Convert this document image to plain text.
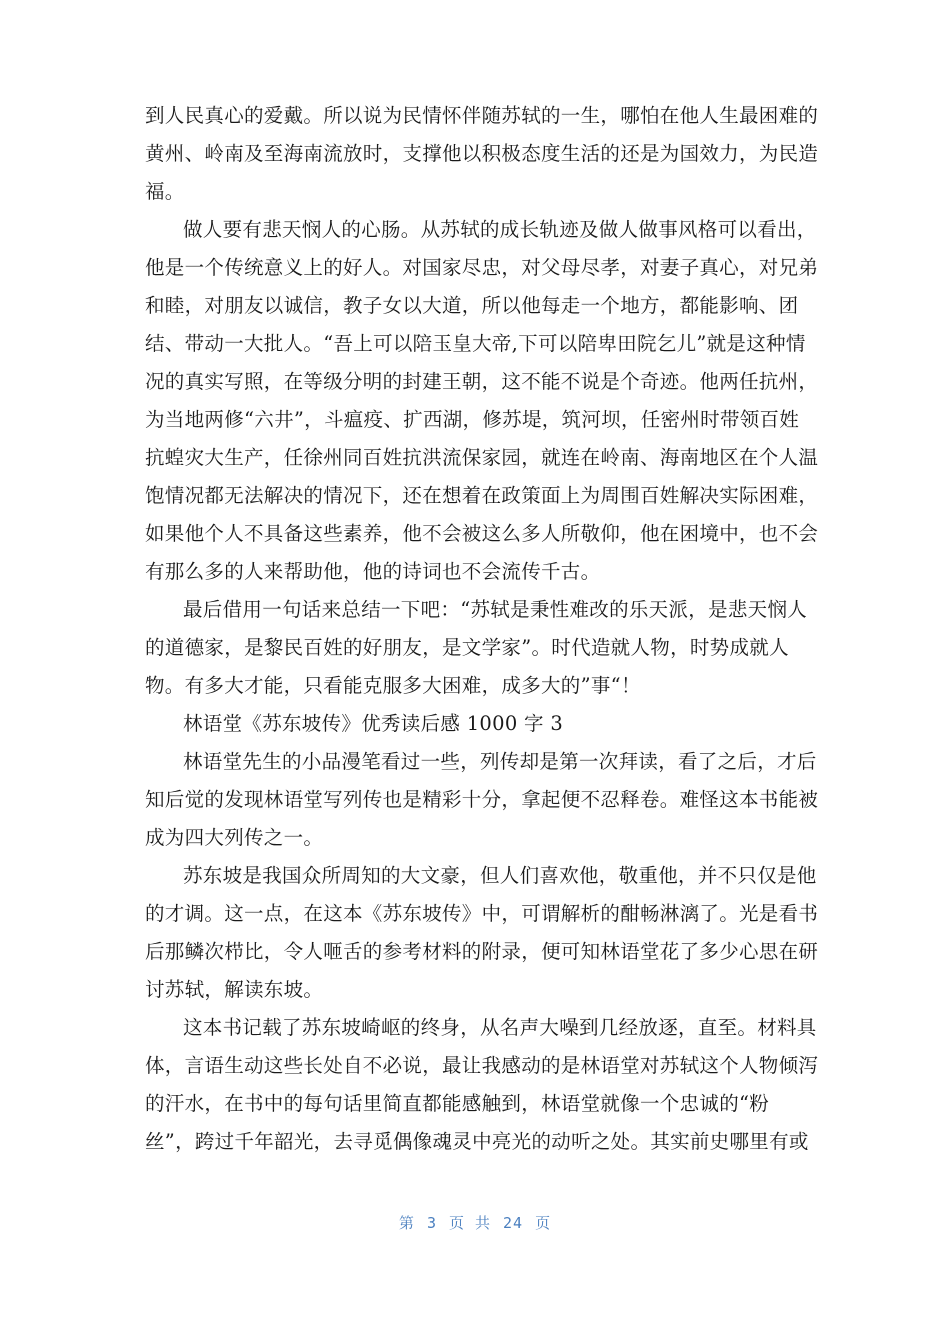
到人民真心的爱戴。所以说为民情怀伴随苏轼的一生，哪怕在他人生最困难的
黄州、岭南及至海南流放时，支撑他以积极态度生活的还是为国效力，为民造
福。
做人要有悲天悯人的心肠。从苏轼的成长轨迹及做人做事风格可以看出，
他是一个传统意义上的好人。对国家尽忠，对父母尽孝，对妻子真心，对兄弟
和睦，对朋友以诚信，教子女以大道，所以他每走一个地方，都能影响、团
结、带动一大批人。“吾上可以陪玉皇大帝,下可以陪卑田院乞儿”就是这种情
况的真实写照，在等级分明的封建王朝，这不能不说是个奇迹。他两任抗州，
为当地两修“六井”，斗瘟疫、扩西湖，修苏堤，筑河坝，任密州时带领百姓
抗蝗灾大生产，任徐州同百姓抗洪流保家园，就连在岭南、海南地区在个人温
饱情况都无法解决的情况下，还在想着在政策面上为周围百姓解决实际困难，
如果他个人不具备这些素养，他不会被这么多人所敬仰，他在困境中，也不会
有那么多的人来帮助他，他的诗词也不会流传千古。
最后借用一句话来总结一下吧：“苏轼是秉性难改的乐天派，是悲天悯人
的道德家，是黎民百姓的好朋友，是文学家”。时代造就人物，时势成就人
物。有多大才能，只看能克服多大困难，成多大的”事“！
林语堂《苏东坡传》优秀读后感 1000 字 3
林语堂先生的小品漫笔看过一些，列传却是第一次拜读，看了之后，才后
知后觉的发现林语堂写列传也是精彩十分，拿起便不忍释卷。难怪这本书能被
成为四大列传之一。
苏东坡是我国众所周知的大文豪，但人们喜欢他，敬重他，并不只仅是他
的才调。这一点，在这本《苏东坡传》中，可谓解析的酣畅淋漓了。光是看书
后那鳞次栉比，令人咂舌的参考材料的附录，便可知林语堂花了多少心思在研
讨苏轼，解读东坡。
这本书记载了苏东坡崎岖的终身，从名声大噪到几经放逐，直至。材料具
体，言语生动这些长处自不必说，最让我感动的是林语堂对苏轼这个人物倾泻
的汗水，在书中的每句话里简直都能感触到，林语堂就像一个忠诚的“粉
丝”，跨过千年韶光，去寻觅偶像魂灵中亮光的动听之处。其实前史哪里有或
第 3 页 共 24 页
